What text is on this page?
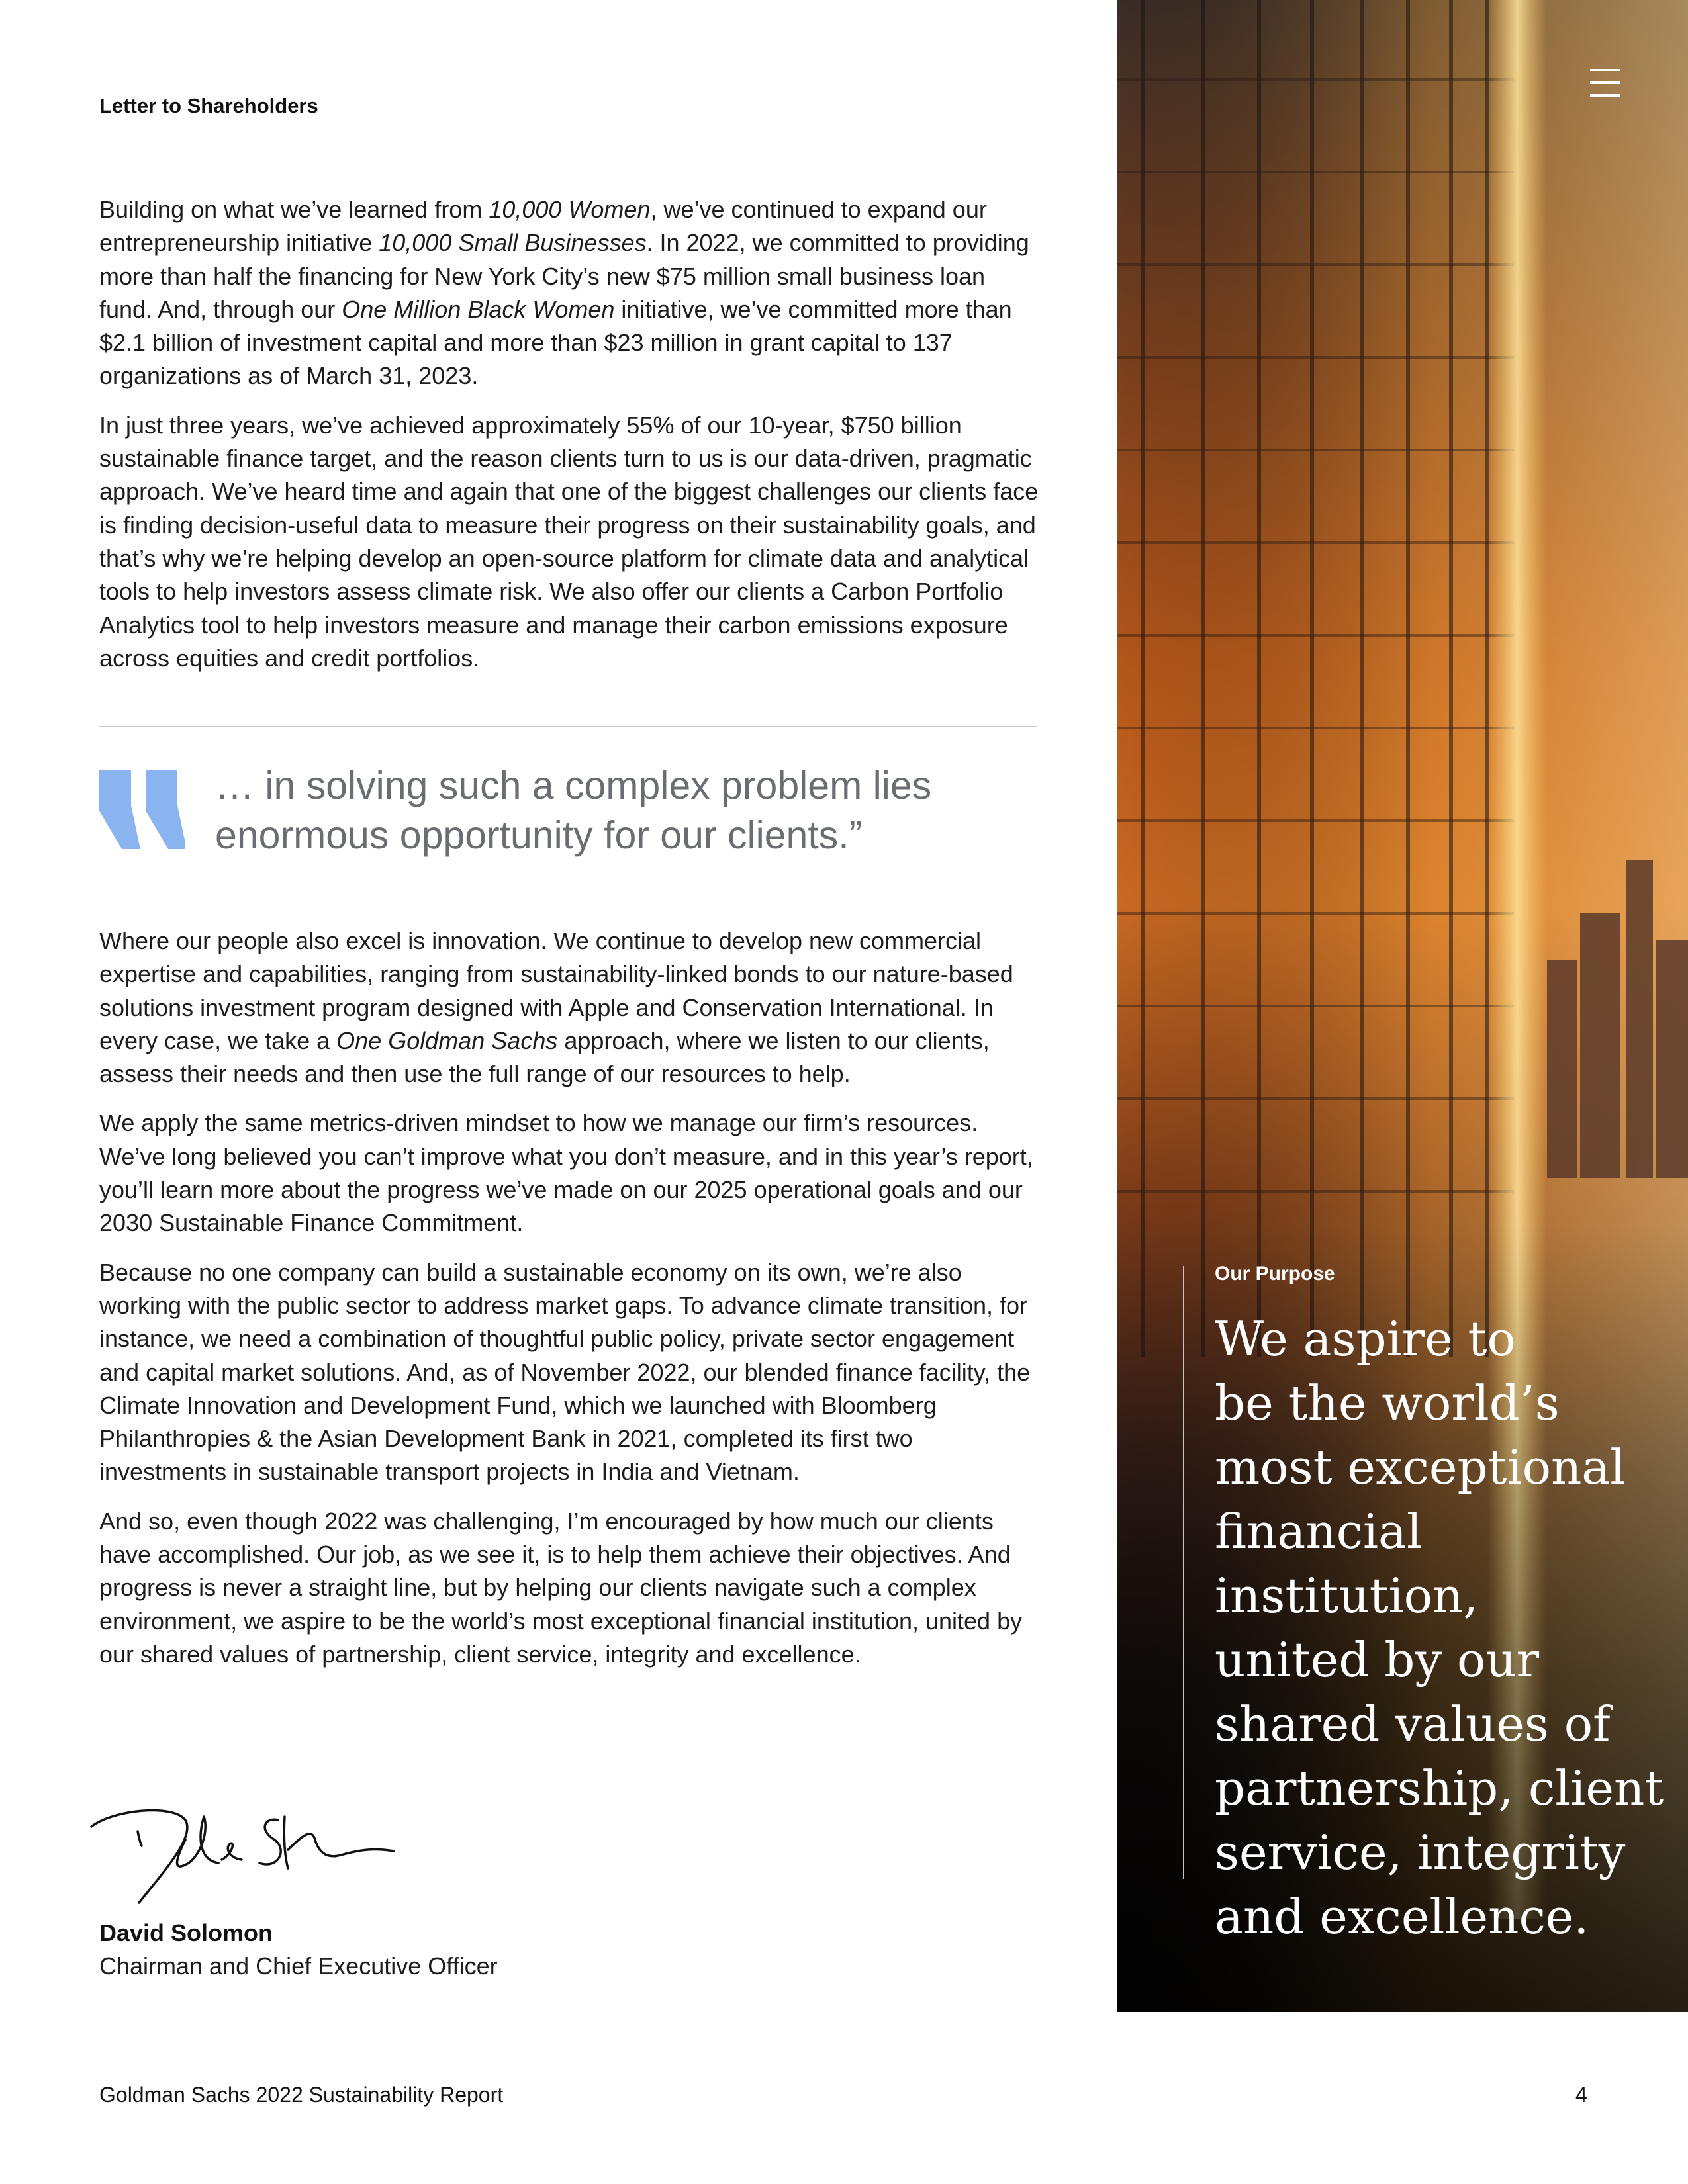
Letter to Shareholders

Building on what we’ve learned from 10,000 Women, we’ve continued to expand our entrepreneurship initiative 10,000 Small Businesses. In 2022, we committed to providing more than half the financing for New York City’s new $75 million small business loan fund. And, through our One Million Black Women initiative, we’ve committed more than $2.1 billion of investment capital and more than $23 million in grant capital to 137 organizations as of March 31, 2023.

In just three years, we’ve achieved approximately 55% of our 10-year, $750 billion sustainable finance target, and the reason clients turn to us is our data-driven, pragmatic approach. We’ve heard time and again that one of the biggest challenges our clients face is finding decision-useful data to measure their progress on their sustainability goals, and that’s why we’re helping develop an open-source platform for climate data and analytical tools to help investors assess climate risk. We also offer our clients a Carbon Portfolio Analytics tool to help investors measure and manage their carbon emissions exposure across equities and credit portfolios.

… in solving such a complex problem lies enormous opportunity for our clients.”

Where our people also excel is innovation. We continue to develop new commercial expertise and capabilities, ranging from sustainability-linked bonds to our nature-based solutions investment program designed with Apple and Conservation International. In every case, we take a One Goldman Sachs approach, where we listen to our clients, assess their needs and then use the full range of our resources to help.

We apply the same metrics-driven mindset to how we manage our firm’s resources. We’ve long believed you can’t improve what you don’t measure, and in this year’s report, you’ll learn more about the progress we’ve made on our 2025 operational goals and our 2030 Sustainable Finance Commitment.

Because no one company can build a sustainable economy on its own, we’re also working with the public sector to address market gaps. To advance climate transition, for instance, we need a combination of thoughtful public policy, private sector engagement and capital market solutions. And, as of November 2022, our blended finance facility, the Climate Innovation and Development Fund, which we launched with Bloomberg Philanthropies & the Asian Development Bank in 2021, completed its first two investments in sustainable transport projects in India and Vietnam.

And so, even though 2022 was challenging, I’m encouraged by how much our clients have accomplished. Our job, as we see it, is to help them achieve their objectives. And progress is never a straight line, but by helping our clients navigate such a complex environment, we aspire to be the world’s most exceptional financial institution, united by our shared values of partnership, client service, integrity and excellence.

David Solomon
Chairman and Chief Executive Officer
Goldman Sachs 2022 Sustainability Report	4
Our Purpose
We aspire to
be the world’s
most exceptional
financial institution,
united by our
shared values of
partnership, client
service, integrity
and excellence.
